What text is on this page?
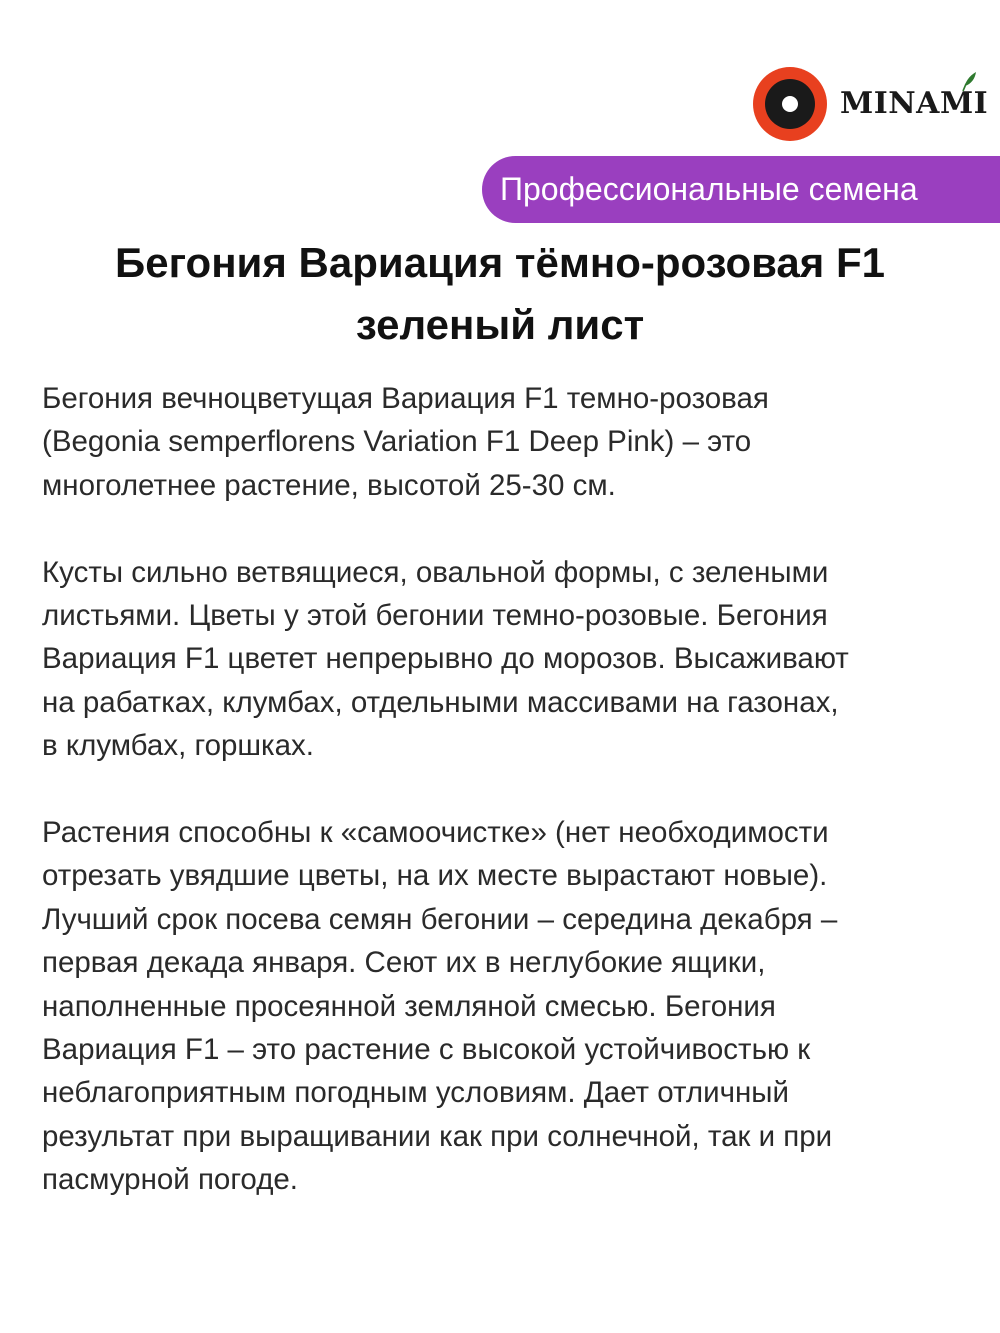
MINAMI
Профессиональные семена
Бегония Вариация тёмно-розовая F1
зеленый лист

Бегония вечноцветущая Вариация F1 темно-розовая
(Begonia semperflorens Variation F1 Deep Pink) – это
многолетнее растение, высотой 25-30 см.

Кусты сильно ветвящиеся, овальной формы, с зелеными
листьями. Цветы у этой бегонии темно-розовые. Бегония
Вариация F1 цветет непрерывно до морозов. Высаживают
на рабатках, клумбах, отдельными массивами на газонах,
в клумбах, горшках.

Растения способны к «самоочистке» (нет необходимости
отрезать увядшие цветы, на их месте вырастают новые).
Лучший срок посева семян бегонии – середина декабря –
первая декада января. Сеют их в неглубокие ящики,
наполненные просеянной земляной смесью. Бегония
Вариация F1 – это растение с высокой устойчивостью к
неблагоприятным погодным условиям. Дает отличный
результат при выращивании как при солнечной, так и при
пасмурной погоде.
